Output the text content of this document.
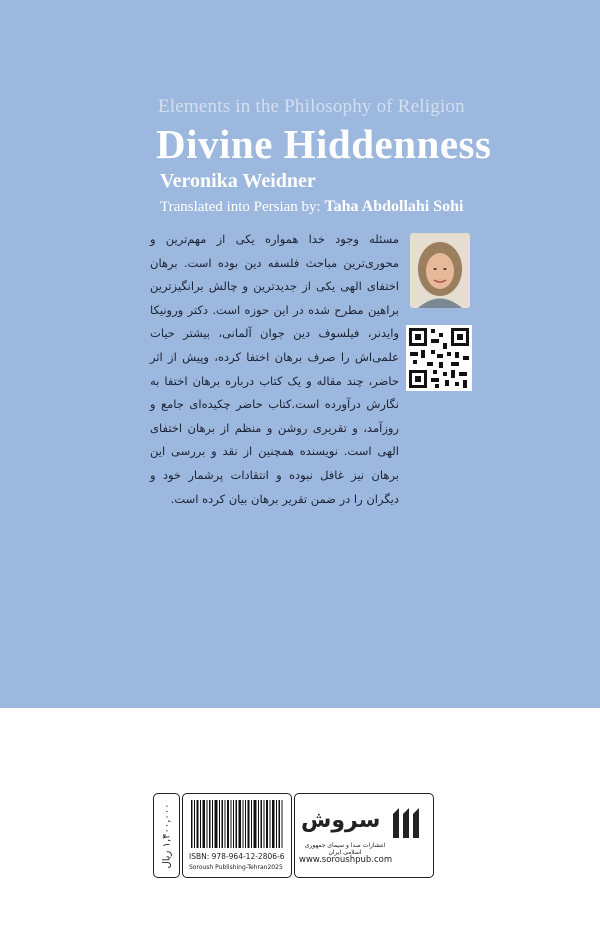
Elements in the Philosophy of Religion
Divine Hiddenness
Veronika Weidner
Translated into Persian by: Taha Abdollahi Sohi
مسئله وجود خدا همواره یکی از مهم‌ترین و محوری‌ترین مباحث فلسفه دین بوده است. برهان اختفای الهی یکی از جدیدترین و چالش برانگیزترین براهین مطرح شده در این حوزه است. دکتر ورونیکا وایدنر، فیلسوف دین جوان آلمانی، بیشتر حیات علمی‌اش را صرف برهان اختفا کرده، وپیش از اثر حاضر، چند مقاله و یک کتاب درباره برهان اختفا به نگارش درآورده است.کتاب حاضر چکیده‌ای جامع و روزآمد، و تقریری روشن و منظم از برهان اختفای الهی است. نویسنده همچنین از نقد و بررسی این برهان نیز غافل نبوده و انتقادات پرشمار خود و دیگران را در ضمن تقریر برهان بیان کرده است.
سروش
انتشارات صدا و سیمای جمهوری اسلامی ایران
www.soroushpub.com
ISBN: 978-964-12-2806-6
Soroush Publishing-Tehran2025
۱,۴۰۰,۰۰۰ ریال
